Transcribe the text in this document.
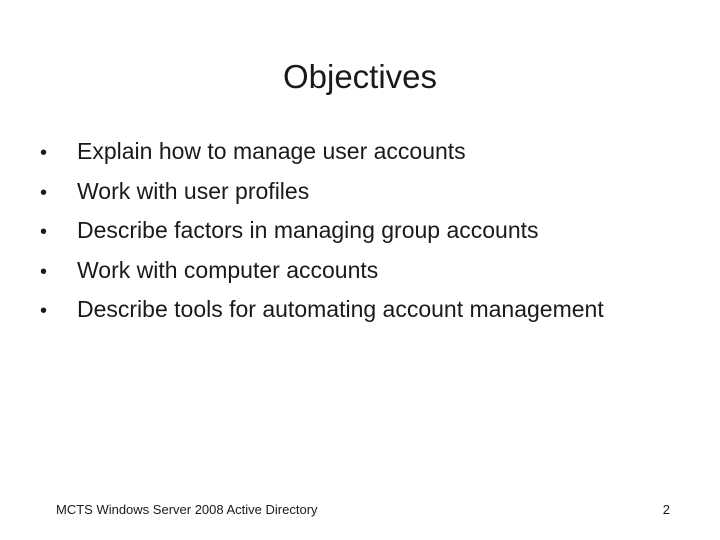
Objectives
•	Explain how to manage user accounts
•	Work with user profiles
•	Describe factors in managing group accounts
•	Work with computer accounts
•	Describe tools for automating account management
MCTS Windows Server 2008 Active Directory	2
